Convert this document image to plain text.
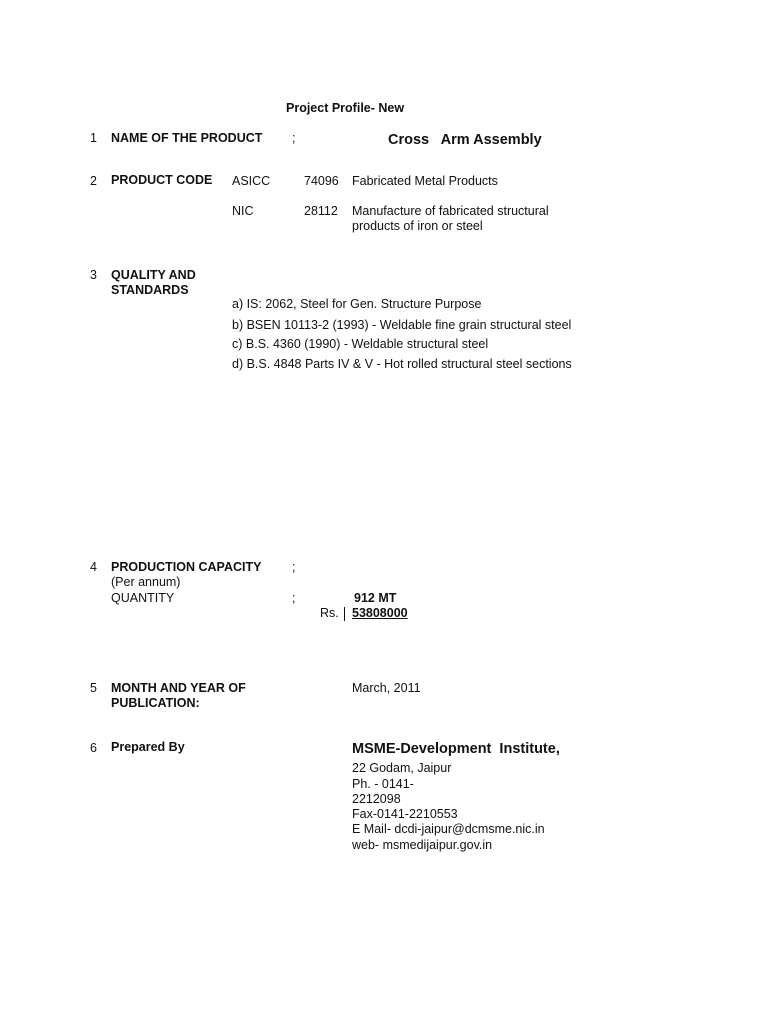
Project Profile- New
1 NAME OF THE PRODUCT ;	Cross   Arm Assembly
2 PRODUCT CODE ASICC	74096 Fabricated Metal Products
NIC	28112 Manufacture of fabricated structural
products of iron or steel
3 QUALITY AND
STANDARDS
a) IS: 2062, Steel for Gen. Structure Purpose
b) BSEN 10113-2 (1993) - Weldable fine grain structural steel
c) B.S. 4360 (1990) - Weldable structural steel
d) B.S. 4848 Parts IV & V - Hot rolled structural steel sections
4 PRODUCTION CAPACITY ;
(Per annum)
QUANTITY	;	912 MT
Rs. 53808000
5 MONTH AND YEAR OF
PUBLICATION:
March, 2011
6 Prepared By	MSME-Development  Institute,
22 Godam, Jaipur
Ph. - 0141-
2212098
Fax-0141-2210553
E Mail- dcdi-jaipur@dcmsme.nic.in
web- msmedijaipur.gov.in
